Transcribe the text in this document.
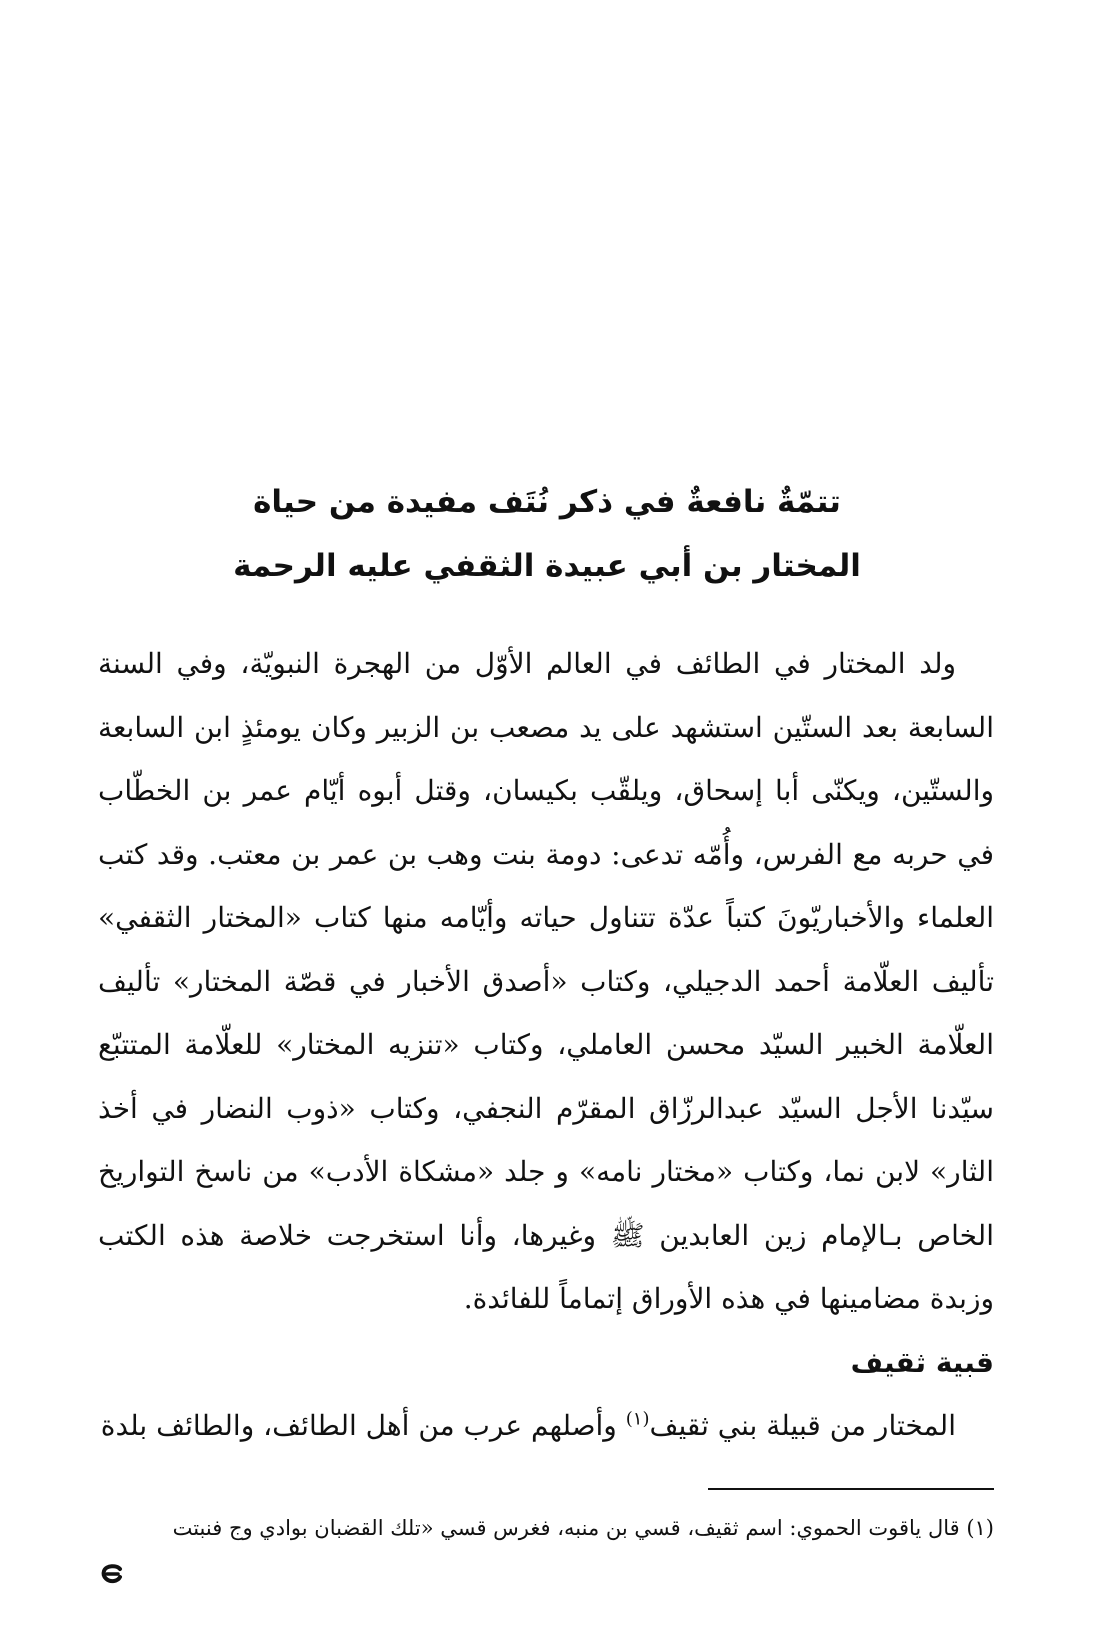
تتمّةٌ نافعةٌ في ذكر نُتَف مفيدة من حياة
المختار بن أبي عبيدة الثقفي عليه الرحمة

ولد المختار في الطائف في العالم الأوّل من الهجرة النبويّة، وفي السنة السابعة بعد الستّين استشهد على يد مصعب بن الزبير وكان يومئذٍ ابن السابعة والستّين، ويكنّى أبا إسحاق، ويلقّب بكيسان، وقتل أبوه أيّام عمر بن الخطّاب في حربه مع الفرس، وأُمّه تدعى: دومة بنت وهب بن عمر بن معتب. وقد كتب العلماء والأخباريّونَ كتباً عدّة تتناول حياته وأيّامه منها كتاب «المختار الثقفي» تأليف العلّامة أحمد الدجيلي، وكتاب «أصدق الأخبار في قصّة المختار» تأليف العلّامة الخبير السيّد محسن العاملي، وكتاب «تنزيه المختار» للعلّامة المتتبّع سيّدنا الأجل السيّد عبدالرزّاق المقرّم النجفي، وكتاب «ذوب النضار في أخذ الثار» لابن نما، وكتاب «مختار نامه» و جلد «مشكاة الأدب» من ناسخ التواريخ الخاص بـالإمام زين العابدين ﷺ وغيرها، وأنا استخرجت خلاصة هذه الكتب وزبدة مضامينها في هذه الأوراق إتماماً للفائدة.

قبية ثقيف

المختار من قبيلة بني ثقيف$^{(١)}$ وأصلهم عرب من أهل الطائف، والطائف بلدة

(١) قال ياقوت الحموي: اسم ثقيف، قسي بن منبه، فغرس قسي «تلك القضبان بوادي وج فنبتت
